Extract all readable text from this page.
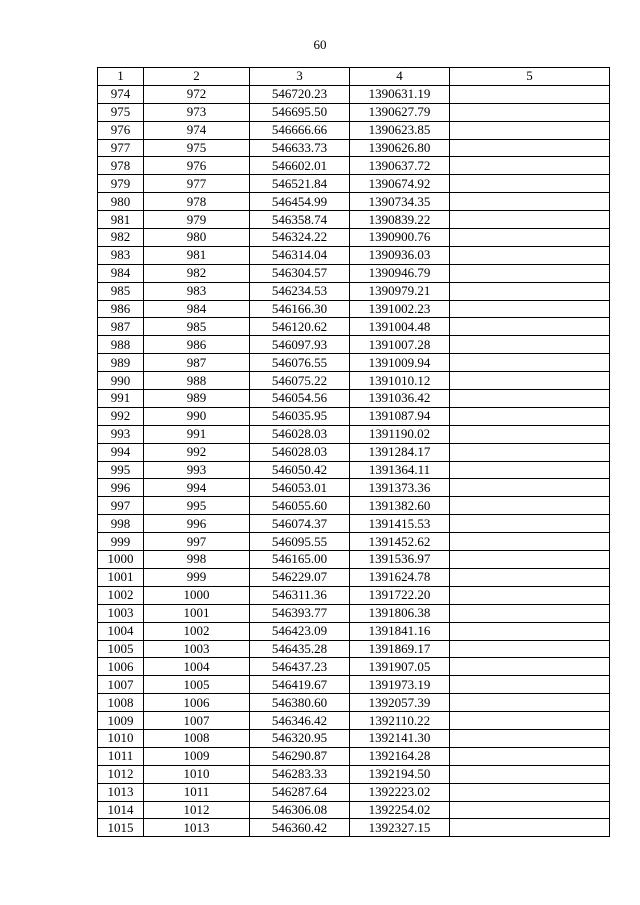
60
1	2	3	4	5
974	972	546720.23	1390631.19	
975	973	546695.50	1390627.79	
976	974	546666.66	1390623.85	
977	975	546633.73	1390626.80	
978	976	546602.01	1390637.72	
979	977	546521.84	1390674.92	
980	978	546454.99	1390734.35	
981	979	546358.74	1390839.22	
982	980	546324.22	1390900.76	
983	981	546314.04	1390936.03	
984	982	546304.57	1390946.79	
985	983	546234.53	1390979.21	
986	984	546166.30	1391002.23	
987	985	546120.62	1391004.48	
988	986	546097.93	1391007.28	
989	987	546076.55	1391009.94	
990	988	546075.22	1391010.12	
991	989	546054.56	1391036.42	
992	990	546035.95	1391087.94	
993	991	546028.03	1391190.02	
994	992	546028.03	1391284.17	
995	993	546050.42	1391364.11	
996	994	546053.01	1391373.36	
997	995	546055.60	1391382.60	
998	996	546074.37	1391415.53	
999	997	546095.55	1391452.62	
1000	998	546165.00	1391536.97	
1001	999	546229.07	1391624.78	
1002	1000	546311.36	1391722.20	
1003	1001	546393.77	1391806.38	
1004	1002	546423.09	1391841.16	
1005	1003	546435.28	1391869.17	
1006	1004	546437.23	1391907.05	
1007	1005	546419.67	1391973.19	
1008	1006	546380.60	1392057.39	
1009	1007	546346.42	1392110.22	
1010	1008	546320.95	1392141.30	
1011	1009	546290.87	1392164.28	
1012	1010	546283.33	1392194.50	
1013	1011	546287.64	1392223.02	
1014	1012	546306.08	1392254.02	
1015	1013	546360.42	1392327.15	
